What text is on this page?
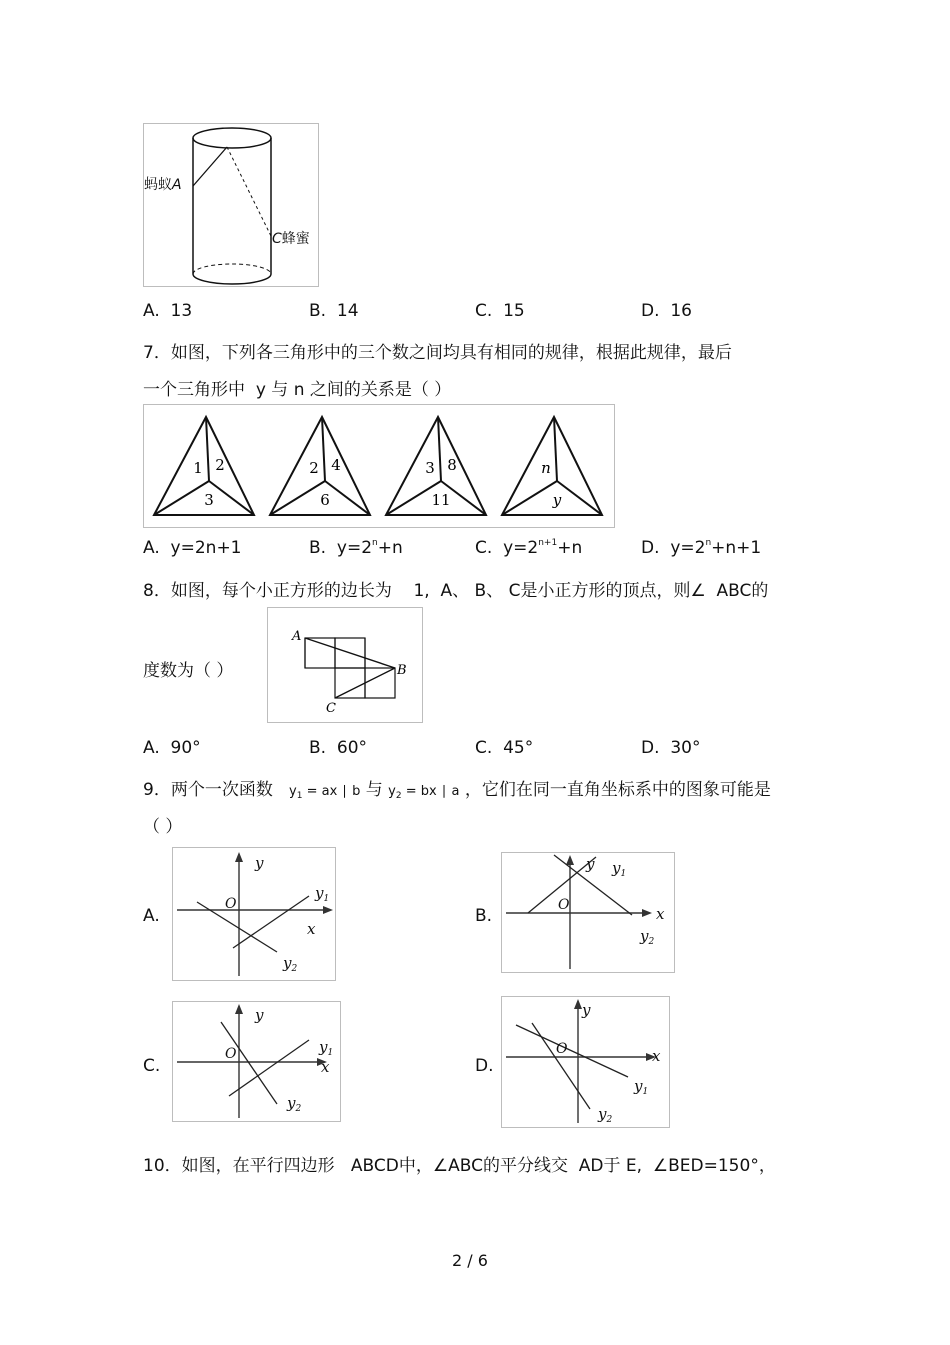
蚂蚁A
C蜂蜜
A. 13	B. 14	C. 15	D. 16
7．如图，下列各三角形中的三个数之间均具有相同的规律，根据此规律，最后
一个三角形中 y 与 n 之间的关系是（ ）
1 2
3
2 4
6
3 8
11
n
y
A. y=2n+1	B. $y=2^n+n$	C. $y=2^{n+1}+n$	D. $y=2^n+n+1$
8．如图，每个小正方形的边长为 1, A、 B、 C是小正方形的顶点，则∠ ABC的
度数为（ ）
A
B
C
A. 90°	B. 60°	C. 45°	D. 30°
9．两个一次函数 $y_1$ = ax ∣ b 与 $y_2$ = bx ∣ a ，它们在同一直角坐标系中的图象可能是
（ ）
A.
y
O
x
$y_1$
$y_2$
B.
y
O	x
$y_1$
$y_2$
C.
y
O
x
$y_1$
$y_2$
D.
y
O	x
$y_1$
$y_2$
10．如图，在平行四边形 ABCD中，∠ABC的平分线交 AD于 E, ∠BED=150°，
2 / 6
